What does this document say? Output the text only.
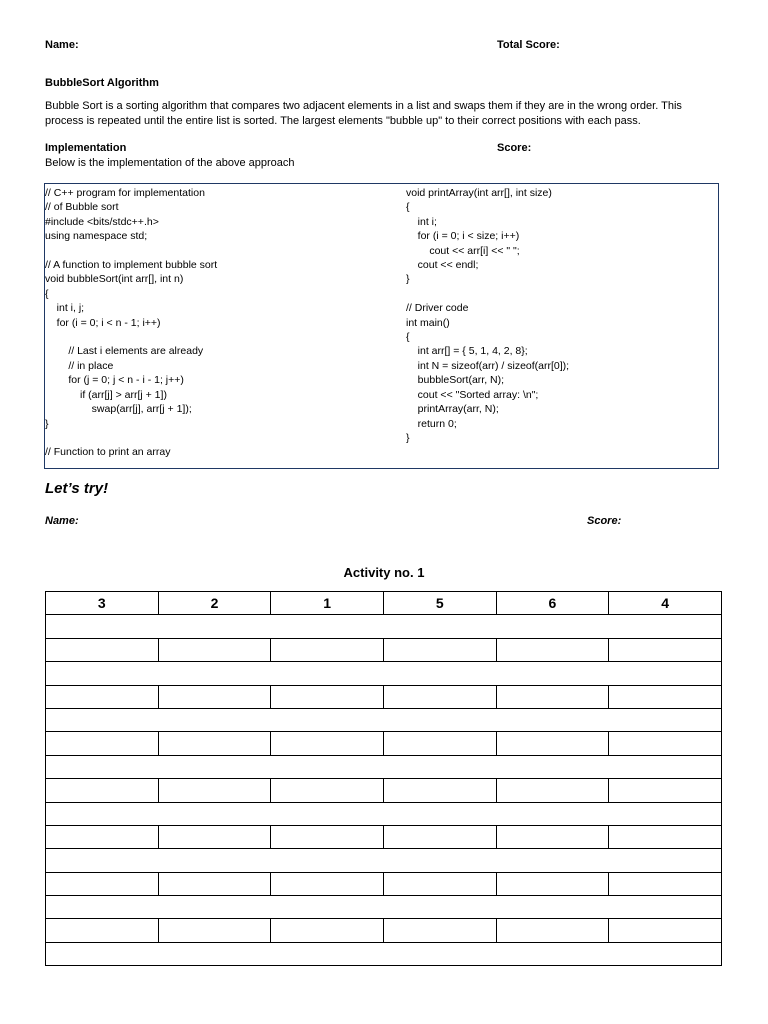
Name:	Total Score:
BubbleSort Algorithm
Bubble Sort is a sorting algorithm that compares two adjacent elements in a list and swaps them if they are in the wrong order. This
process is repeated until the entire list is sorted. The largest elements "bubble up" to their correct positions with each pass.
Implementation	Score:
Below is the implementation of the above approach
// C++ program for implementation
// of Bubble sort
#include <bits/stdc++.h>
using namespace std;

// A function to implement bubble sort
void bubbleSort(int arr[], int n)
{
int i, j;
for (i = 0; i < n - 1; i++)

// Last i elements are already
// in place
for (j = 0; j < n - i - 1; j++)
if (arr[j] > arr[j + 1])
swap(arr[j], arr[j + 1]);
}

// Function to print an array
void printArray(int arr[], int size)
{
int i;
for (i = 0; i < size; i++)
cout << arr[i] << " ";
cout << endl;
}

// Driver code
int main()
{
int arr[] = { 5, 1, 4, 2, 8};
int N = sizeof(arr) / sizeof(arr[0]);
bubbleSort(arr, N);
cout << "Sorted array: \n";
printArray(arr, N);
return 0;
}
Let’s try!
Name:	Score:
Activity no. 1
3	2	1	5	6	4
